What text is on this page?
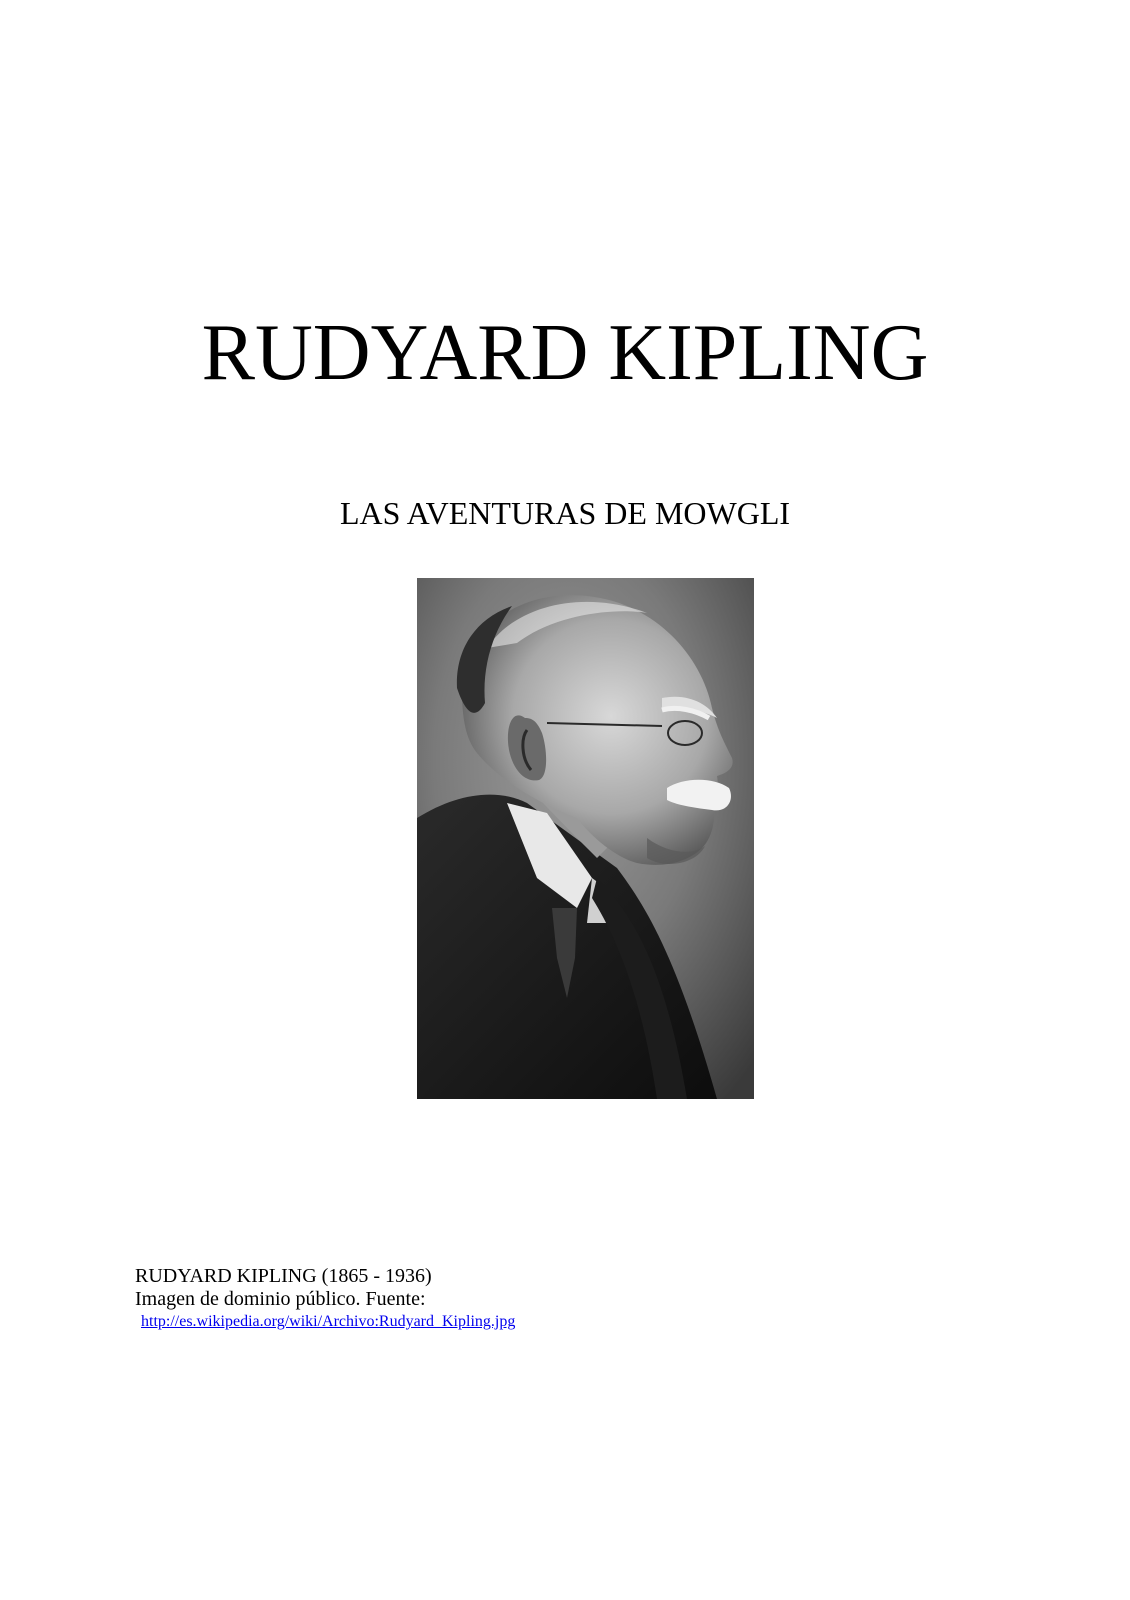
RUDYARD KIPLING
LAS AVENTURAS DE MOWGLI
RUDYARD KIPLING (1865 - 1936)
Imagen de dominio público. Fuente:
http://es.wikipedia.org/wiki/Archivo:Rudyard_Kipling.jpg
